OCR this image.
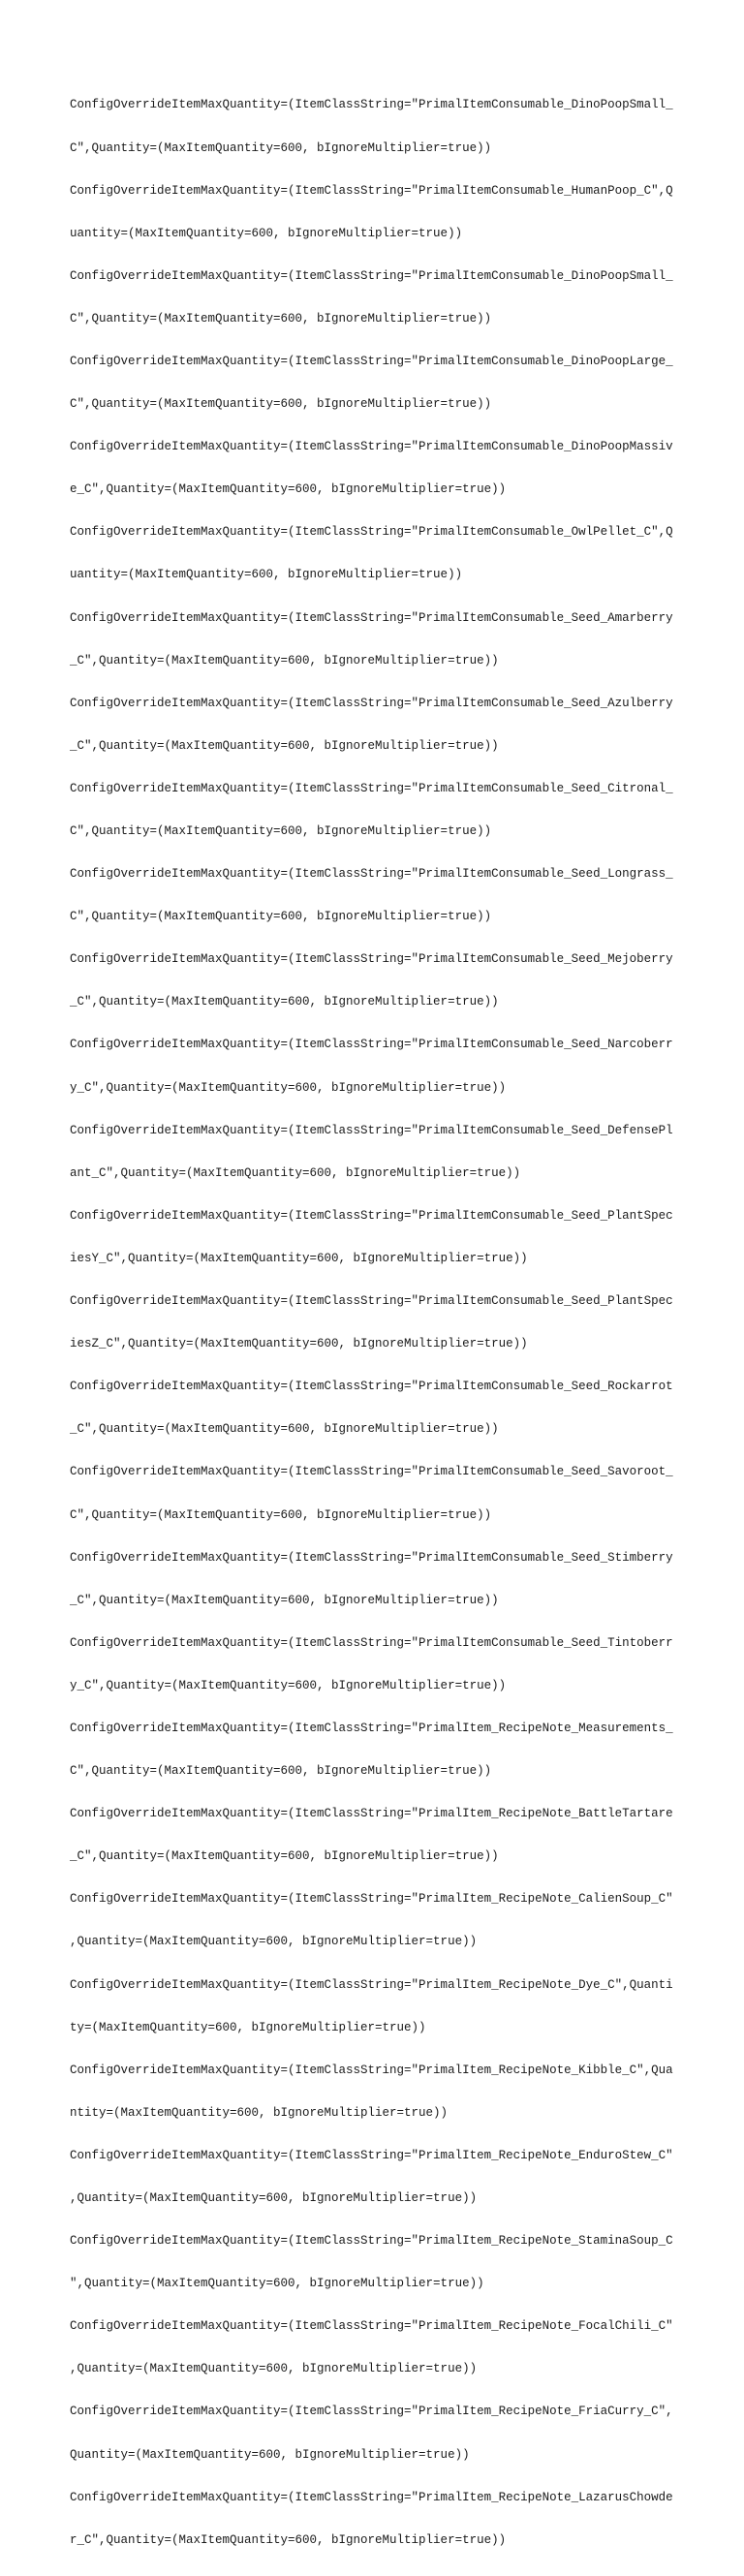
ConfigOverrideItemMaxQuantity=(ItemClassString="PrimalItemConsumable_DinoPoopSmall_

C",Quantity=(MaxItemQuantity=600, bIgnoreMultiplier=true))

ConfigOverrideItemMaxQuantity=(ItemClassString="PrimalItemConsumable_HumanPoop_C",Q

uantity=(MaxItemQuantity=600, bIgnoreMultiplier=true))

ConfigOverrideItemMaxQuantity=(ItemClassString="PrimalItemConsumable_DinoPoopSmall_

C",Quantity=(MaxItemQuantity=600, bIgnoreMultiplier=true))

ConfigOverrideItemMaxQuantity=(ItemClassString="PrimalItemConsumable_DinoPoopLarge_

C",Quantity=(MaxItemQuantity=600, bIgnoreMultiplier=true))

ConfigOverrideItemMaxQuantity=(ItemClassString="PrimalItemConsumable_DinoPoopMassiv

e_C",Quantity=(MaxItemQuantity=600, bIgnoreMultiplier=true))

ConfigOverrideItemMaxQuantity=(ItemClassString="PrimalItemConsumable_OwlPellet_C",Q

uantity=(MaxItemQuantity=600, bIgnoreMultiplier=true))

ConfigOverrideItemMaxQuantity=(ItemClassString="PrimalItemConsumable_Seed_Amarberry

_C",Quantity=(MaxItemQuantity=600, bIgnoreMultiplier=true))

ConfigOverrideItemMaxQuantity=(ItemClassString="PrimalItemConsumable_Seed_Azulberry

_C",Quantity=(MaxItemQuantity=600, bIgnoreMultiplier=true))

ConfigOverrideItemMaxQuantity=(ItemClassString="PrimalItemConsumable_Seed_Citronal_

C",Quantity=(MaxItemQuantity=600, bIgnoreMultiplier=true))

ConfigOverrideItemMaxQuantity=(ItemClassString="PrimalItemConsumable_Seed_Longrass_

C",Quantity=(MaxItemQuantity=600, bIgnoreMultiplier=true))

ConfigOverrideItemMaxQuantity=(ItemClassString="PrimalItemConsumable_Seed_Mejoberry

_C",Quantity=(MaxItemQuantity=600, bIgnoreMultiplier=true))

ConfigOverrideItemMaxQuantity=(ItemClassString="PrimalItemConsumable_Seed_Narcoberr

y_C",Quantity=(MaxItemQuantity=600, bIgnoreMultiplier=true))

ConfigOverrideItemMaxQuantity=(ItemClassString="PrimalItemConsumable_Seed_DefensePl

ant_C",Quantity=(MaxItemQuantity=600, bIgnoreMultiplier=true))

ConfigOverrideItemMaxQuantity=(ItemClassString="PrimalItemConsumable_Seed_PlantSpec

iesY_C",Quantity=(MaxItemQuantity=600, bIgnoreMultiplier=true))

ConfigOverrideItemMaxQuantity=(ItemClassString="PrimalItemConsumable_Seed_PlantSpec

iesZ_C",Quantity=(MaxItemQuantity=600, bIgnoreMultiplier=true))

ConfigOverrideItemMaxQuantity=(ItemClassString="PrimalItemConsumable_Seed_Rockarrot

_C",Quantity=(MaxItemQuantity=600, bIgnoreMultiplier=true))

ConfigOverrideItemMaxQuantity=(ItemClassString="PrimalItemConsumable_Seed_Savoroot_

C",Quantity=(MaxItemQuantity=600, bIgnoreMultiplier=true))

ConfigOverrideItemMaxQuantity=(ItemClassString="PrimalItemConsumable_Seed_Stimberry

_C",Quantity=(MaxItemQuantity=600, bIgnoreMultiplier=true))

ConfigOverrideItemMaxQuantity=(ItemClassString="PrimalItemConsumable_Seed_Tintoberr

y_C",Quantity=(MaxItemQuantity=600, bIgnoreMultiplier=true))

ConfigOverrideItemMaxQuantity=(ItemClassString="PrimalItem_RecipeNote_Measurements_

C",Quantity=(MaxItemQuantity=600, bIgnoreMultiplier=true))

ConfigOverrideItemMaxQuantity=(ItemClassString="PrimalItem_RecipeNote_BattleTartare

_C",Quantity=(MaxItemQuantity=600, bIgnoreMultiplier=true))

ConfigOverrideItemMaxQuantity=(ItemClassString="PrimalItem_RecipeNote_CalienSoup_C"

,Quantity=(MaxItemQuantity=600, bIgnoreMultiplier=true))

ConfigOverrideItemMaxQuantity=(ItemClassString="PrimalItem_RecipeNote_Dye_C",Quanti

ty=(MaxItemQuantity=600, bIgnoreMultiplier=true))

ConfigOverrideItemMaxQuantity=(ItemClassString="PrimalItem_RecipeNote_Kibble_C",Qua

ntity=(MaxItemQuantity=600, bIgnoreMultiplier=true))

ConfigOverrideItemMaxQuantity=(ItemClassString="PrimalItem_RecipeNote_EnduroStew_C"

,Quantity=(MaxItemQuantity=600, bIgnoreMultiplier=true))

ConfigOverrideItemMaxQuantity=(ItemClassString="PrimalItem_RecipeNote_StaminaSoup_C

",Quantity=(MaxItemQuantity=600, bIgnoreMultiplier=true))

ConfigOverrideItemMaxQuantity=(ItemClassString="PrimalItem_RecipeNote_FocalChili_C"

,Quantity=(MaxItemQuantity=600, bIgnoreMultiplier=true))

ConfigOverrideItemMaxQuantity=(ItemClassString="PrimalItem_RecipeNote_FriaCurry_C",

Quantity=(MaxItemQuantity=600, bIgnoreMultiplier=true))

ConfigOverrideItemMaxQuantity=(ItemClassString="PrimalItem_RecipeNote_LazarusChowde

r_C",Quantity=(MaxItemQuantity=600, bIgnoreMultiplier=true))
